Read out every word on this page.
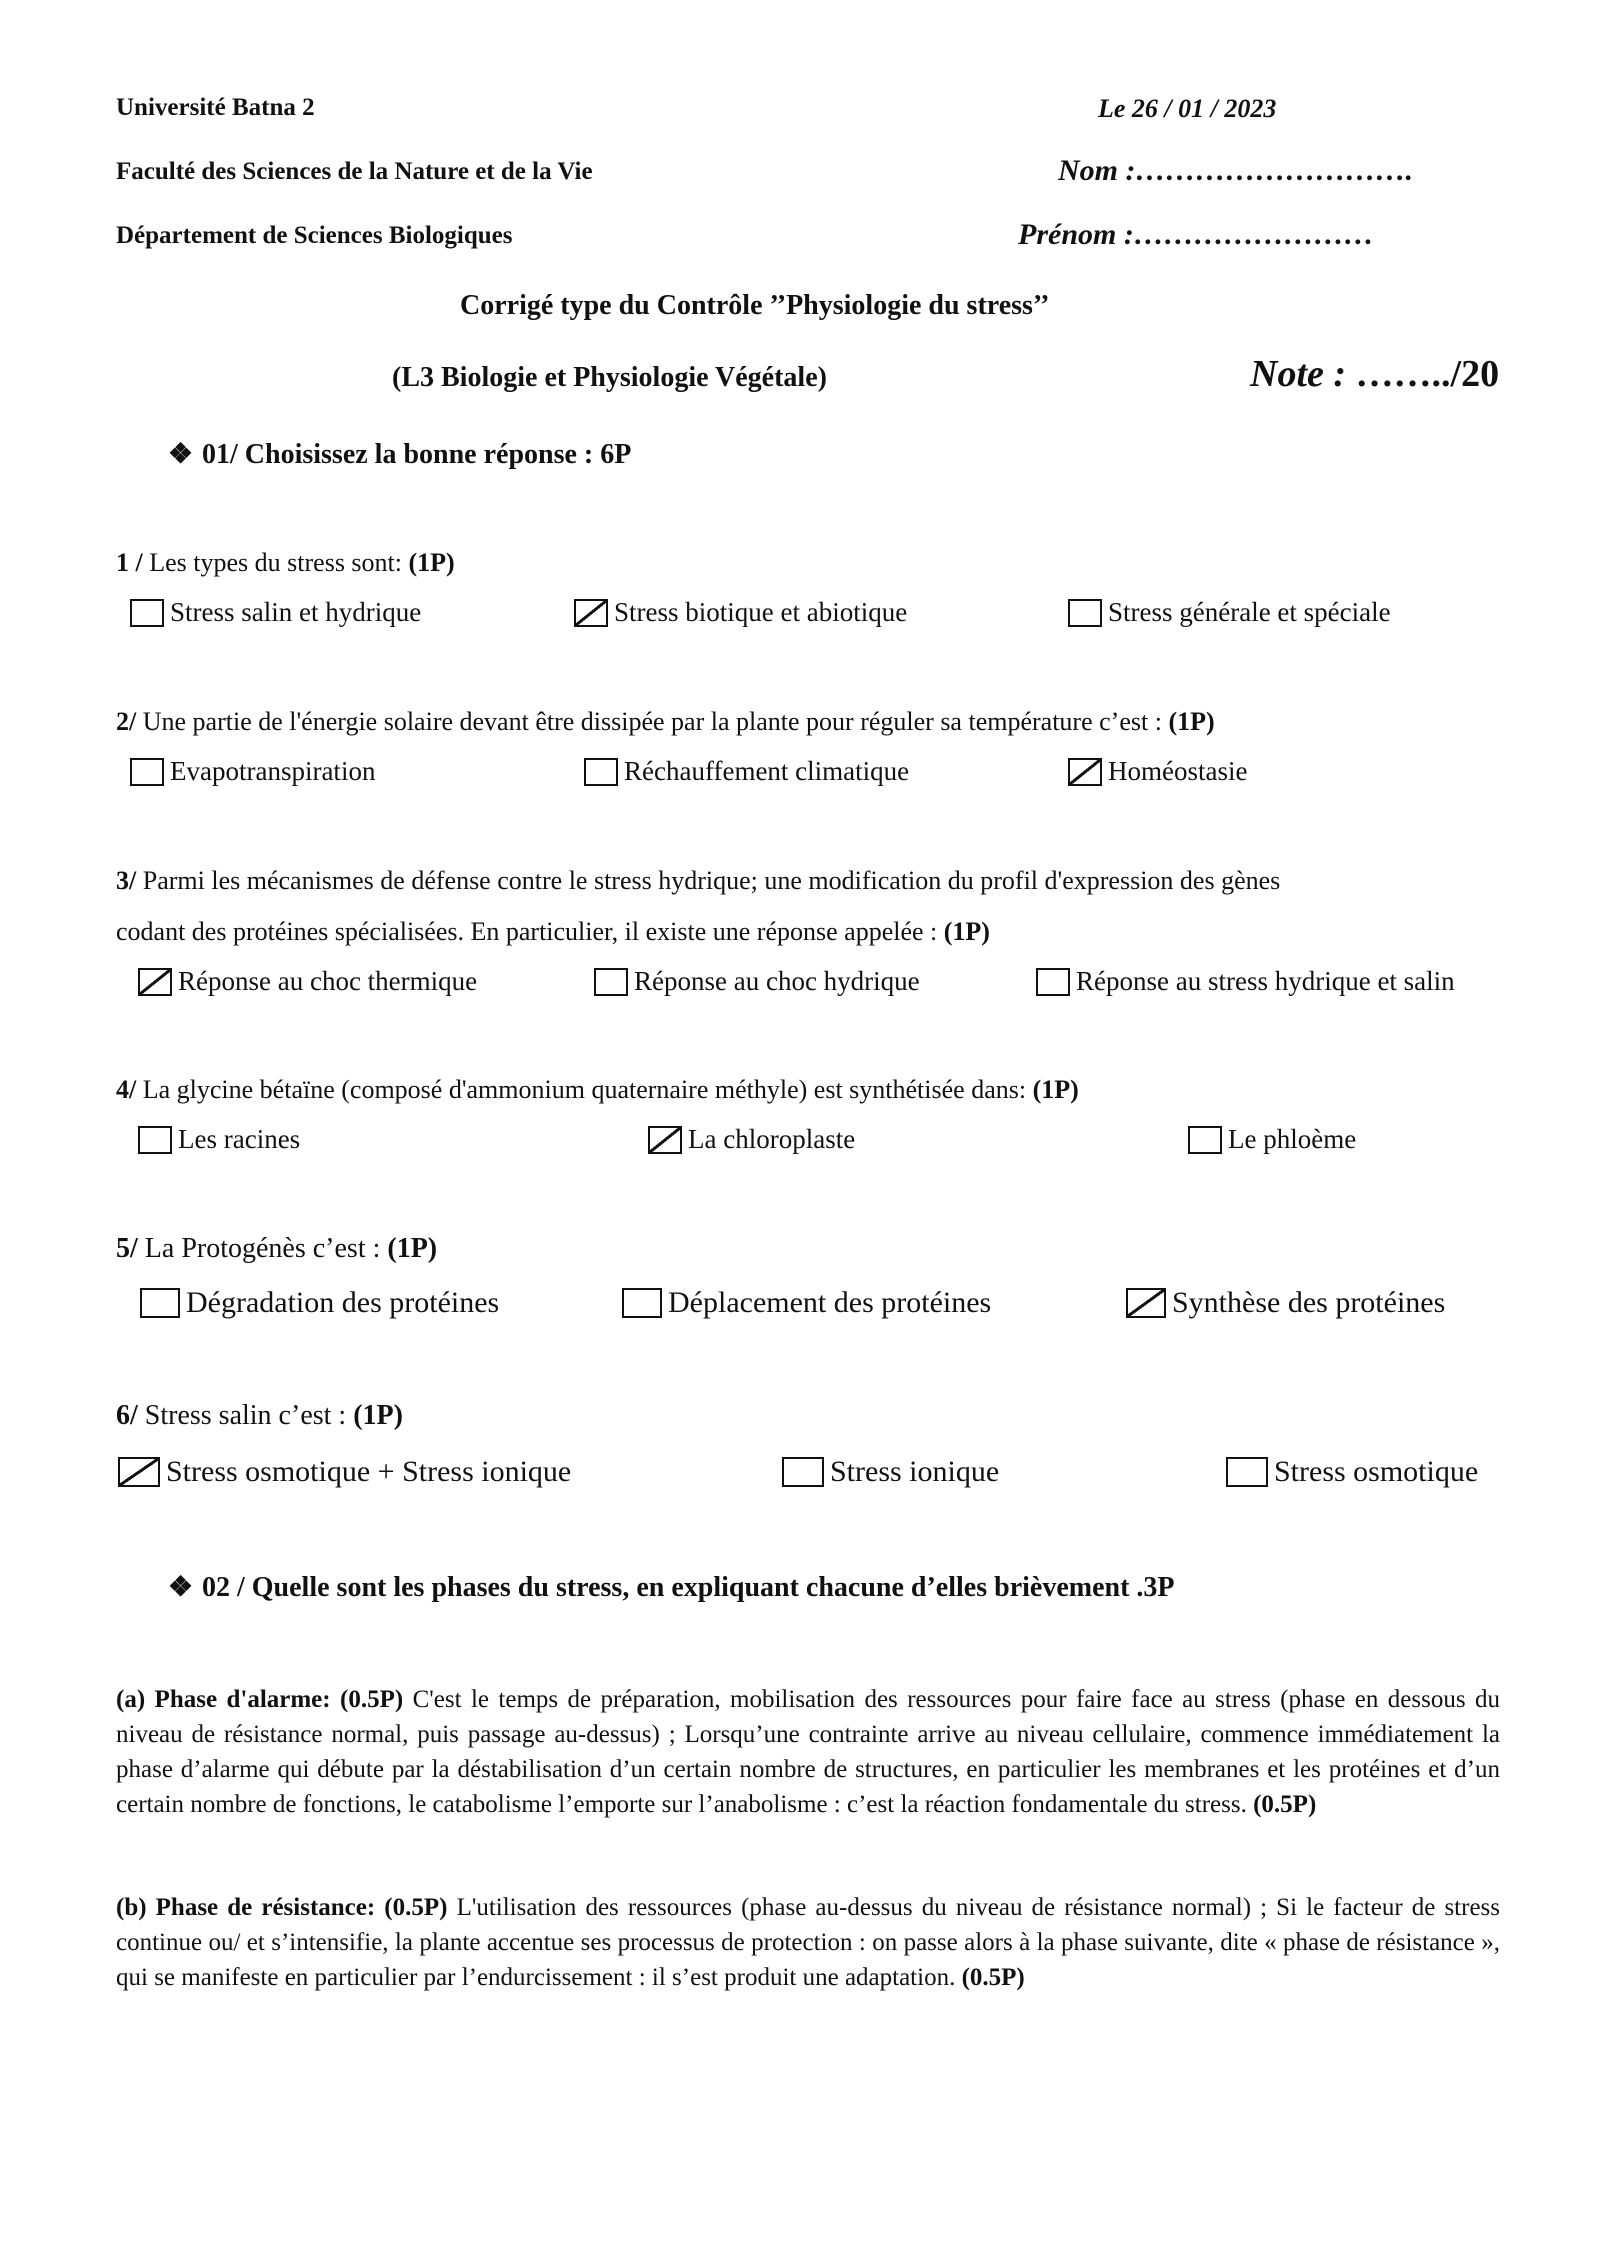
Université Batna 2
Faculté des Sciences de la Nature et de la Vie
Département de Sciences Biologiques
Le 26 / 01 / 2023
Nom :……………………….
Prénom :……………………
Corrigé type du Contrôle ’’Physiologie du stress’’
(L3 Biologie et Physiologie Végétale)	Note : ……../20
❖ 01/ Choisissez la bonne réponse : 6P
1 / Les types du stress sont: (1P)
Stress salin et hydrique	Stress biotique et abiotique	Stress générale et spéciale
2/ Une partie de l'énergie solaire devant être dissipée par la plante pour réguler sa température c’est : (1P)
Evapotranspiration	Réchauffement climatique	Homéostasie
3/ Parmi les mécanismes de défense contre le stress hydrique; une modification du profil d'expression des gènes
codant des protéines spécialisées. En particulier, il existe une réponse appelée : (1P)
Réponse au choc thermique	Réponse au choc hydrique	Réponse au stress hydrique et salin
4/ La glycine bétaïne (composé d'ammonium quaternaire méthyle) est synthétisée dans: (1P)
Les racines	La chloroplaste	Le phloème
5/ La Protogénès c’est : (1P)
Dégradation des protéines	Déplacement des protéines	Synthèse des protéines
6/ Stress salin c’est : (1P)
Stress osmotique + Stress ionique	Stress ionique	Stress osmotique
❖ 02 / Quelle sont les phases du stress, en expliquant chacune d’elles brièvement .3P
(a) Phase d'alarme: (0.5P) C'est le temps de préparation, mobilisation des ressources pour faire face au stress (phase en dessous du niveau de résistance normal, puis passage au-dessus) ; Lorsqu’une contrainte arrive au niveau cellulaire, commence immédiatement la phase d’alarme qui débute par la déstabilisation d’un certain nombre de structures, en particulier les membranes et les protéines et d’un certain nombre de fonctions, le catabolisme l’emporte sur l’anabolisme : c’est la réaction fondamentale du stress. (0.5P)
(b) Phase de résistance: (0.5P) L'utilisation des ressources (phase au-dessus du niveau de résistance normal) ; Si le facteur de stress continue ou/ et s’intensifie, la plante accentue ses processus de protection : on passe alors à la phase suivante, dite « phase de résistance », qui se manifeste en particulier par l’endurcissement : il s’est produit une adaptation. (0.5P)
